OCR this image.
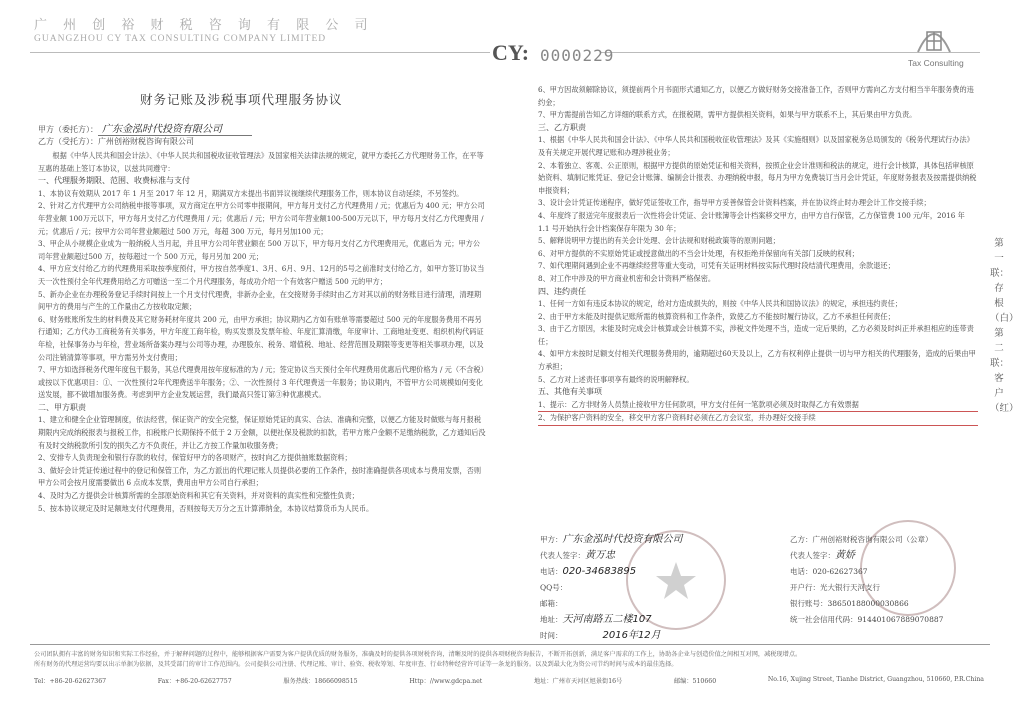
广 州 创 裕 财 税 咨 询 有 限 公 司
GUANGZHOU CY TAX CONSULTING COMPANY LIMITED
CY: 0000229	Tax Consulting
财务记账及涉税事项代理服务协议
甲方（委托方）： 广东金泓时代投资有限公司
乙方（受托方）：广州创裕财税咨询有限公司
根据《中华人民共和国会计法》、《中华人民共和国税收征收管理法》及国家相关法律法规的规定，就甲方委托乙方代理财务工作，在平等互惠的基础上签订本协议，以兹共同遵守：
一、代理服务期限、范围、收费标准与支付
1、本协议有效期从 2017 年 1 月至 2017 年 12 月，期满双方未提出书面异议视继续代理服务工作，则本协议自动延续，不另签约。
2、针对乙方代理甲方公司纳税申报等事项，双方商定在甲方公司零申报期间，甲方每月支付乙方代理费用 / 元；优惠后为 400 元；甲方公司年营业额 100万元以下，甲方每月支付乙方代理费用 / 元；优惠后 / 元；甲方公司年营业额100-500万元以下，甲方每月支付乙方代理费用 / 元；优惠后 / 元；按甲方公司年营业额超过 500 万元，每超 300 万元，每月另加100 元；
3、甲企从小规模企业成为一般纳税人当月起，并且甲方公司年营业额在 500 万以下，甲方每月支付乙方代理费用元，优惠后为 元；甲方公司年营业额超过500 万，按每超过一个 500 万元，每月另加 200 元；
4、甲方应支付给乙方的代理费用采取按季度预付，甲方按自然季度1、3月、6月、9月、12月的5号之前准时支付给乙方，如甲方签订协议当天一次性预付全年代理费用给乙方可赠送一至二个月代理服务，每成功介绍一个有效客户赠送 500 元的甲方；
5、新办企业在办理税务登记手续时间按上一个月支付代理费，非新办企业，在交接财务手续时由乙方对其以前的财务账目进行清理，清理期间甲方的费用与产生的工作量由乙方按收取定额；
6、财务账账所发生的材料费及其它财务耗材年度共 200 元，由甲方承担；协议期内乙方如有账单等需要超过 500 元的年度服务费用不再另行通知；乙方代办工商税务有关事务，甲方年度工商年检，购买发票及发票年检、年度汇算清缴，年度审计、工商地址变更、组织机构代码证年检，社保事务办与年检，营业场所备案办理与公司等办理，办理股东、税务、增值税、地址、经营范围及期限等变更等相关事项办理，以及公司注销清算等事项，甲方需另外支付费用；
7、甲方如选择税务代理年度包干服务，其总代理费用按年度标准的为 / 元；签定协议当天预付全年代理费用优惠后代理价格为 / 元（不含税）或按以下优惠项目：①、一次性预付2年代理费送半年服务；②、一次性预付 3 年代理费送一年服务；协议期内，不管甲方公司规模如何变化送发展，都不做增加服务费。考虑到甲方企业发展运营，我们最高只签订第③种优惠模式。
二、甲方职责
1、建立和健全企业管理制度，依法经营，保证资产的安全完整，保证原始凭证的真实、合法、准确和完整，以便乙方能及时做账与每月报税期限内完成纳税报表与报税工作，扣税账户长期保持不低于 2 万金额，以便社保及税款的扣款，若甲方账户金额不足缴纳税款，乙方通知后没有及时交纳税款所引发的损失乙方不负责任，并让乙方按工作量加收服务费；
2、安排专人负责现金和银行存款的收付，保管好甲方的各项财产，按时向乙方提供抽账数据资料；
3、做好会计凭证传递过程中的登记和保管工作，为乙方派出的代理记账人员提供必要的工作条件，按时准确提供各项成本与费用发票，否则甲方公司会按月度需要做出 6 点成本发票，费用由甲方公司自行承担；
4、及时为乙方提供会计核算所需的全部原始资料和其它有关资料，并对资料的真实性和完整性负责；
5、按本协议规定及时足额地支付代理费用，否则按每天万分之五计算滞纳金，本协议结算货币为人民币。
6、甲方因故须解除协议，须提前两个月书面形式通知乙方，以便乙方做好财务交接准备工作，否则甲方需向乙方支付相当半年服务费的违约金；
7、甲方需提前告知乙方详细的联系方式，在报税期，需甲方提供相关资料，如果与甲方联系不上，其后果由甲方负责。
三、乙方职责
1、根据《中华人民共和国会计法》、《中华人民共和国税收征收管理法》及其《实施细则》以及国家税务总局颁发的《税务代理试行办法》及有关规定开展代理记账和办理涉税业务；
2、本着独立、客观、公正原则，根据甲方提供的原始凭证和相关资料，按照企业会计准则和税法的规定，进行会计核算，具体包括审核原始资料、填制记账凭证、登记会计账簿、编制会计报表、办理纳税申报，每月为甲方免费装订当月会计凭证，年度财务报表及按需提供纳税申报资料；
3、设计会计凭证传递程序，做好凭证签收工作，指导甲方妥善保管会计资料档案，并在协议终止时办理会计工作交接手续；
4、年度终了报送完年度报表后一次性将会计凭证、会计账簿等会计档案移交甲方，由甲方自行保管，乙方保管费 100 元/年，2016 年 1.1 号开始执行会计档案保存年限为 30 年；
5、解释说明甲方提出的有关会计处理、会计法规和财税政策等的原则问题；
6、对甲方提供的不实原始凭证或授意做出的不当会计处理，有权拒绝并保留向有关部门反映的权利；
7、如代理期间遇到企业不再继续经营等重大变动，可凭有关证明材料按实际代理时段结清代理费用，余款退还；
8、对工作中涉及的甲方商业机密和会计资料严格保密。
四、违约责任
1、任何一方如有违反本协议的规定，给对方造成损失的，则按《中华人民共和国协议法》的规定，承担违约责任；
2、由于甲方未能及时提供记账所需的核算资料和工作条件，致使乙方不能按时履行协议，乙方不承担任何责任；
3、由于乙方原因，未能及时完成会计核算或会计核算不实，涉税文件处理不当，造成一定后果的，乙方必须及时纠正并承担相应的连带责任；
4、如甲方未按时足额支付相关代理服务费用的，逾期超过60天及以上，乙方有权利停止提供一切与甲方相关的代理服务，造成的后果由甲方承担；
5、乙方对上述责任事项享有最终的说明解释权。
五、其他有关事项
1、提示：乙方非财务人员禁止接收甲方任何款项，甲方支付任何一笔款项必须及时取得乙方有效票据
2、为保护客户资料的安全，移交甲方客户资料时必须在乙方会议室，并办理好交接手续
甲方：广东金泓时代投资有限公司
代表人签字：黄万忠
电话：020-34683895
QQ号：
邮箱：
地址：天河南路五二楼107
时间：	2016年12月
乙方：广州创裕财税咨询有限公司（公章）
代表人签字：黄娇
电话：020-62627367
开户行：光大银行天河支行
银行账号：38650188000030866
统一社会信用代码：914401067889070887
第一联：存根（白）第二联：客户（红）
公司团队拥有丰富的财务知识和实际工作经验，并于解释问题的过程中，能够根据客户需要为客户提供优质的财务服务，准确及时的提供各项财税咨询，清晰及时的提供各项财税咨询报告，不断开拓创新，满足客户需求的工作上，协助各企业与创造价值之间相互对网，减税现增点。
所有财务的代理运营均要以出示单据为依据，及其受部门的审计工作范围内。公司提供公司注册、代理记账、审计、验资、税收筹划、年度审查、行业特种经营许可证等一条龙的服务。以及到最大化为资公司节约时间与成本的最佳选择。
Tel：+86-20-62627367	Fax：+86-20-62627757	服务热线：18666098515	Http：//www.gdcpa.net	地址：广州市天河区旭景街16号	邮编：510660	No.16, Xujing Street, Tianhe District, Guangzhou, 510660, P.R.China
